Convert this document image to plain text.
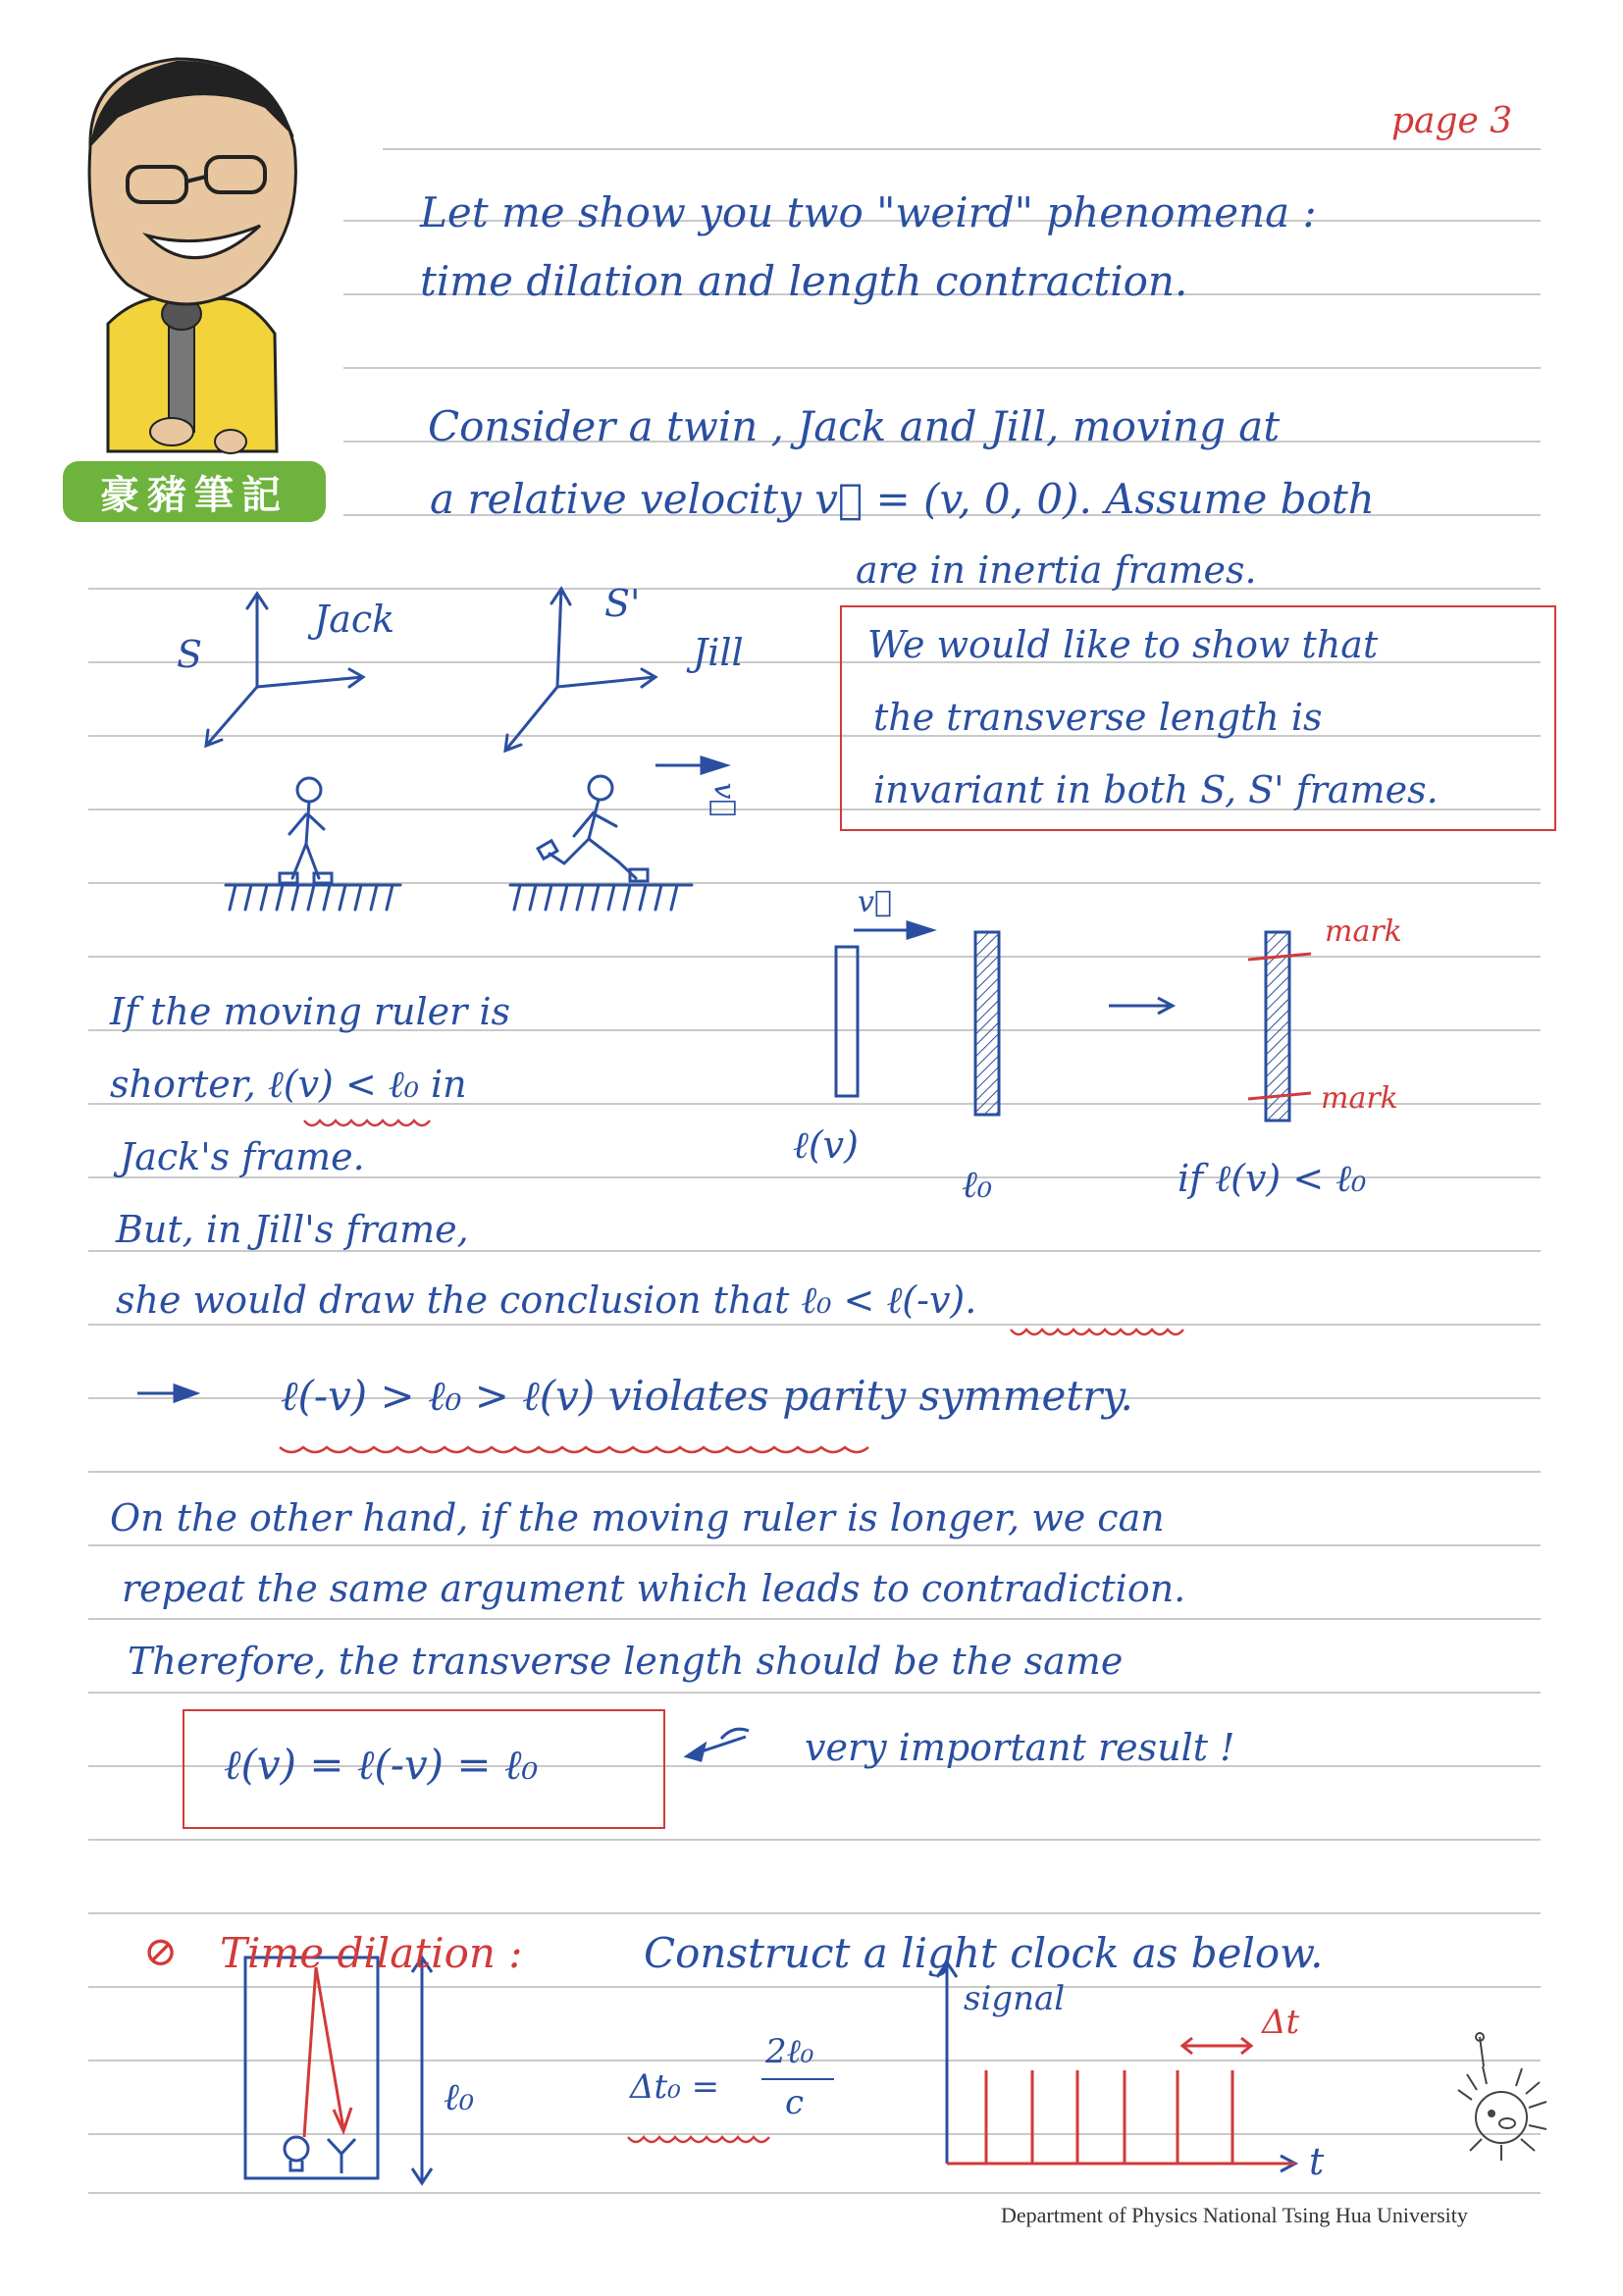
豪豬筆記
page 3
Let me show you two "weird" phenomena :
time dilation and length contraction.
Consider a twin , Jack and Jill, moving at
a relative velocity v⃗ = (v, 0, 0). Assume both
are in inertia frames.
Jack
S
S'
Jill
v⃗
We would like to show that
the transverse length is
invariant in both S, S' frames.
v⃗
mark
mark
ℓ(v)
ℓ₀	if ℓ(v) < ℓ₀
If the moving ruler is
shorter, ℓ(v) < ℓ₀ in
Jack's frame.
But, in Jill's frame,
she would draw the conclusion that ℓ₀ < ℓ(-v).
ℓ(-v) > ℓ₀ > ℓ(v) violates parity symmetry.
On the other hand, if the moving ruler is longer, we can
repeat the same argument which leads to contradiction.
Therefore, the transverse length should be the same
ℓ(v) = ℓ(-v) = ℓ₀	very important result !
⊘ Time dilation :	Construct a light clock as below.
ℓ₀	Δt₀ =
2ℓ₀
c
signal
Δt
t
Department of Physics National Tsing Hua University
